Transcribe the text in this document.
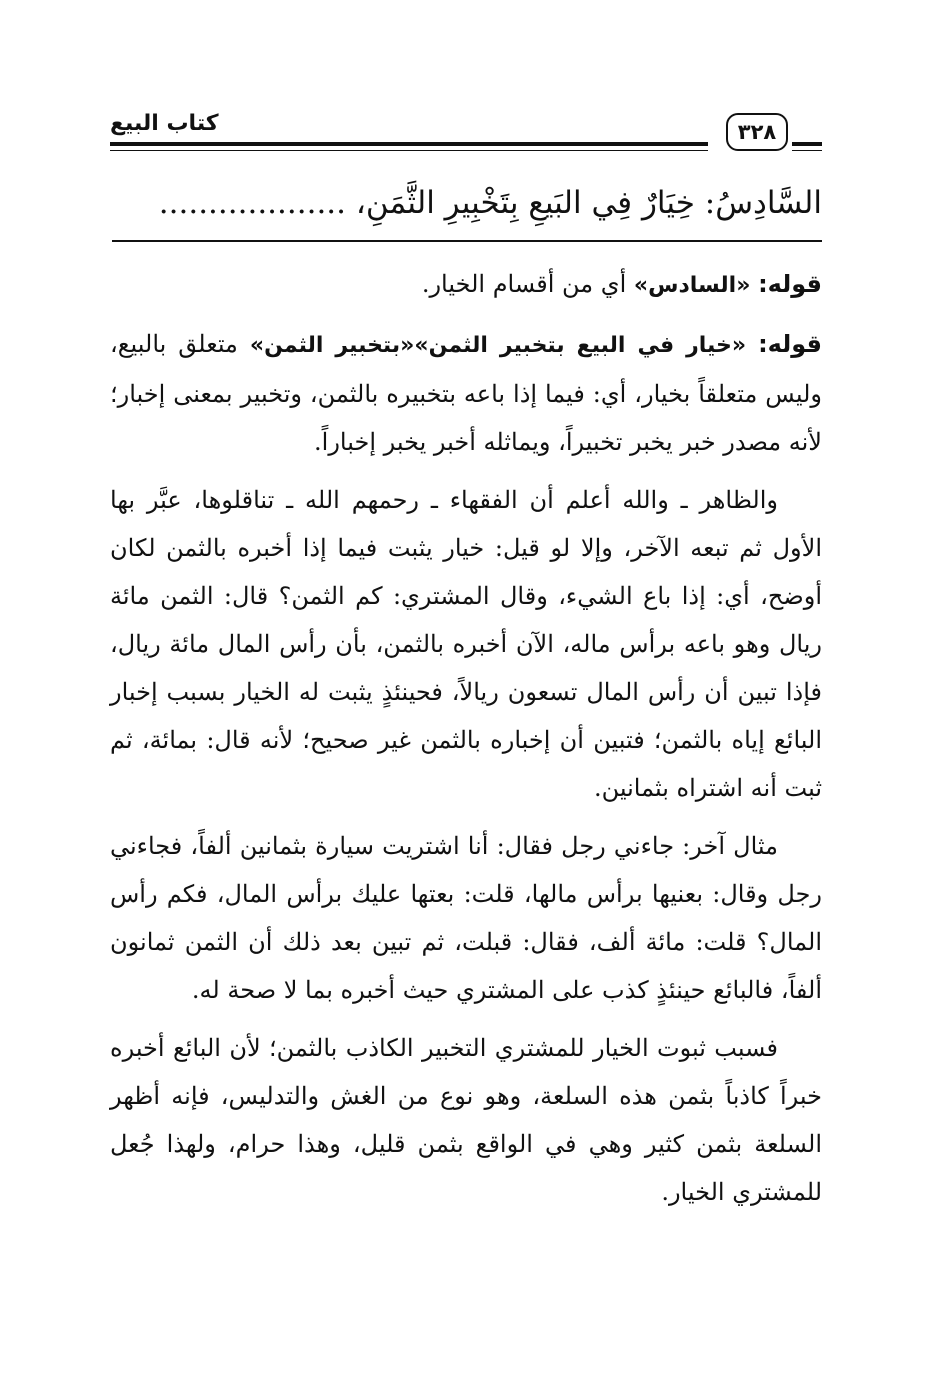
كتاب البيع	٣٢٨
السَّادِسُ: خِيَارٌ فِي البَيعِ بِتَخْبِيرِ الثَّمَنِ، ...................

قوله: «السادس» أي من أقسام الخيار.

قوله: «خيار في البيع بتخبير الثمن»«بتخبير الثمن» متعلق بالبيع، وليس متعلقاً بخيار، أي: فيما إذا باعه بتخبيره بالثمن، وتخبير بمعنى إخبار؛ لأنه مصدر خبر يخبر تخبيراً، ويماثله أخبر يخبر إخباراً.

والظاهر ـ والله أعلم أن الفقهاء ـ رحمهم الله ـ تناقلوها، عبَّر بها الأول ثم تبعه الآخر، وإلا لو قيل: خيار يثبت فيما إذا أخبره بالثمن لكان أوضح، أي: إذا باع الشيء، وقال المشتري: كم الثمن؟ قال: الثمن مائة ريال وهو باعه برأس ماله، الآن أخبره بالثمن، بأن رأس المال مائة ريال، فإذا تبين أن رأس المال تسعون ريالاً، فحينئذٍ يثبت له الخيار بسبب إخبار البائع إياه بالثمن؛ فتبين أن إخباره بالثمن غير صحيح؛ لأنه قال: بمائة، ثم ثبت أنه اشتراه بثمانين.

مثال آخر: جاءني رجل فقال: أنا اشتريت سيارة بثمانين ألفاً، فجاءني رجل وقال: بعنيها برأس مالها، قلت: بعتها عليك برأس المال، فكم رأس المال؟ قلت: مائة ألف، فقال: قبلت، ثم تبين بعد ذلك أن الثمن ثمانون ألفاً، فالبائع حينئذٍ كذب على المشتري حيث أخبره بما لا صحة له.

فسبب ثبوت الخيار للمشتري التخبير الكاذب بالثمن؛ لأن البائع أخبره خبراً كاذباً بثمن هذه السلعة، وهو نوع من الغش والتدليس، فإنه أظهر السلعة بثمن كثير وهي في الواقع بثمن قليل، وهذا حرام، ولهذا جُعل للمشتري الخيار.
